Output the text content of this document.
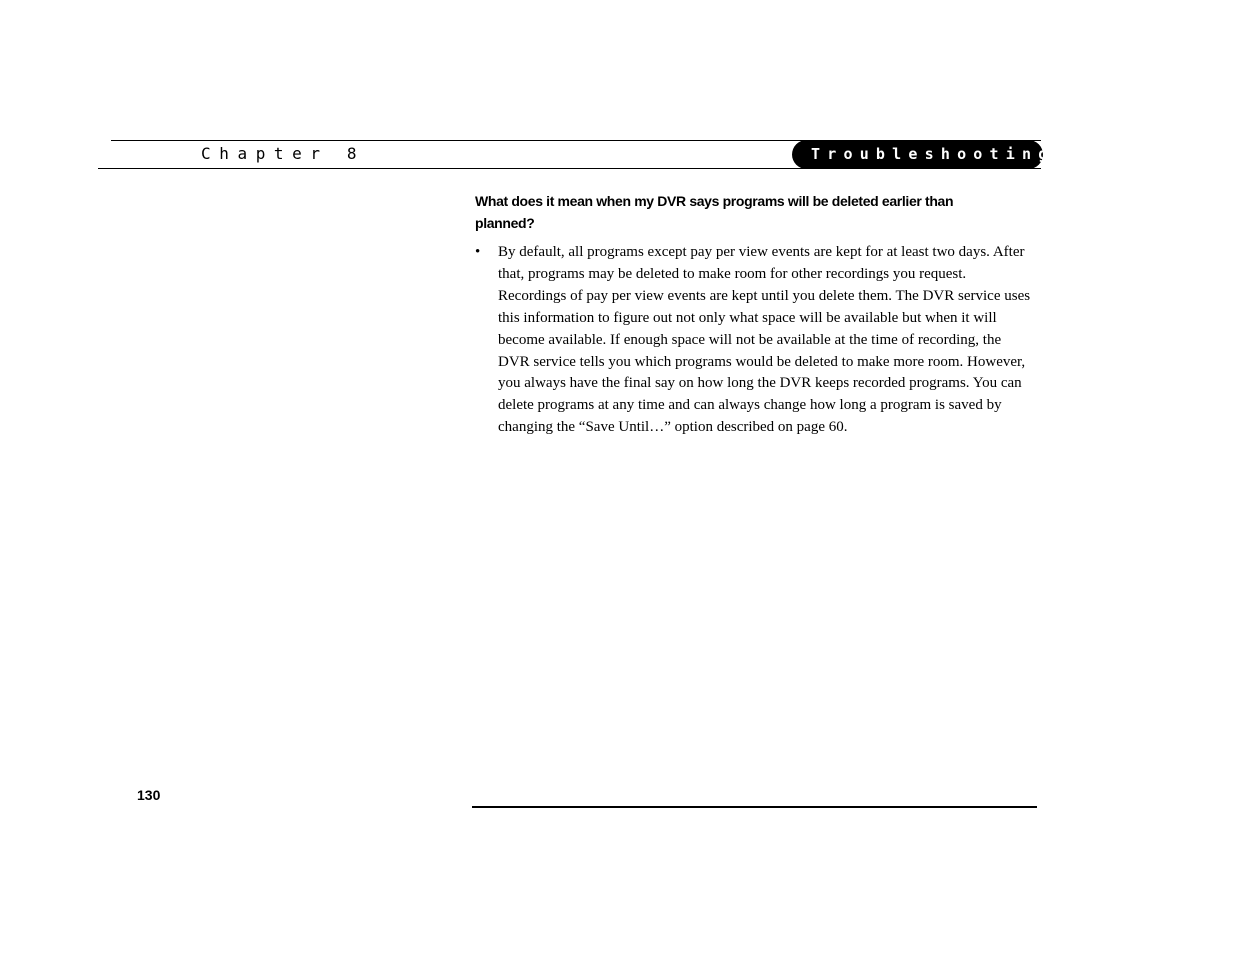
Chapter 8	Troubleshooting
What does it mean when my DVR says programs will be deleted earlier than planned?
•	By default, all programs except pay per view events are kept for at least two days. After that, programs may be deleted to make room for other recordings you request. Recordings of pay per view events are kept until you delete them. The DVR service uses this information to figure out not only what space will be available but when it will become available. If enough space will not be available at the time of recording, the DVR service tells you which programs would be deleted to make more room. However, you always have the final say on how long the DVR keeps recorded programs. You can delete programs at any time and can always change how long a program is saved by changing the “Save Until…” option described on page 60.

130
